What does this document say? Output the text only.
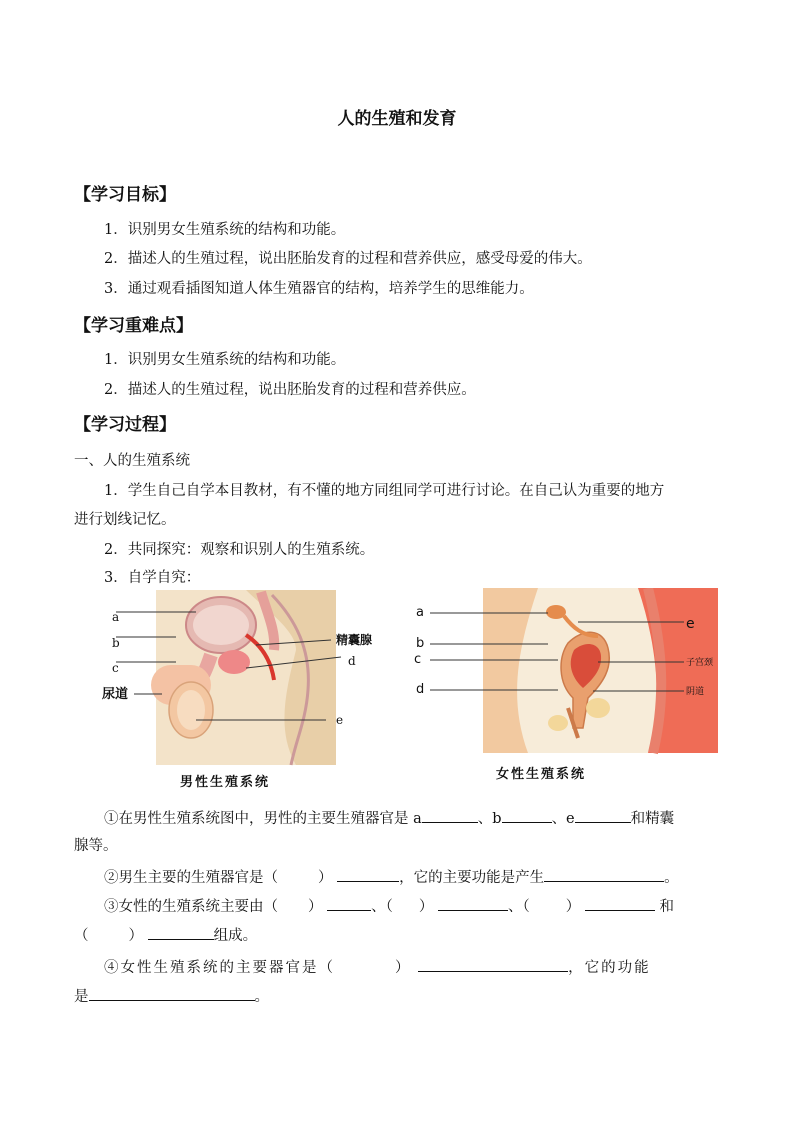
人的生殖和发育
【学习目标】
1．识别男女生殖系统的结构和功能。
2．描述人的生殖过程，说出胚胎发育的过程和营养供应，感受母爱的伟大。
3．通过观看插图知道人体生殖器官的结构，培养学生的思维能力。
【学习重难点】
1．识别男女生殖系统的结构和功能。
2．描述人的生殖过程，说出胚胎发育的过程和营养供应。
【学习过程】
一、人的生殖系统
1．学生自己自学本目教材，有不懂的地方同组同学可进行讨论。在自己认为重要的地方
进行划线记忆。
2．共同探究：观察和识别人的生殖系统。
3．自学自究：
a
b
c
尿道
精囊腺
d
e
男性生殖系统
a
b
c
d
e
子宫颈
阴道
女性生殖系统
①在男性生殖系统图中，男性的主要生殖器官是 a	、b	、e	和精囊
腺等。
②男生主要的生殖器官是（	）	，它的主要功能是产生	。
③女性的生殖系统主要由（ ）	、（ ）	、（ ）	和
（	）	组成。
④女性生殖系统的主要器官是（	）	，它的功能
是	。
